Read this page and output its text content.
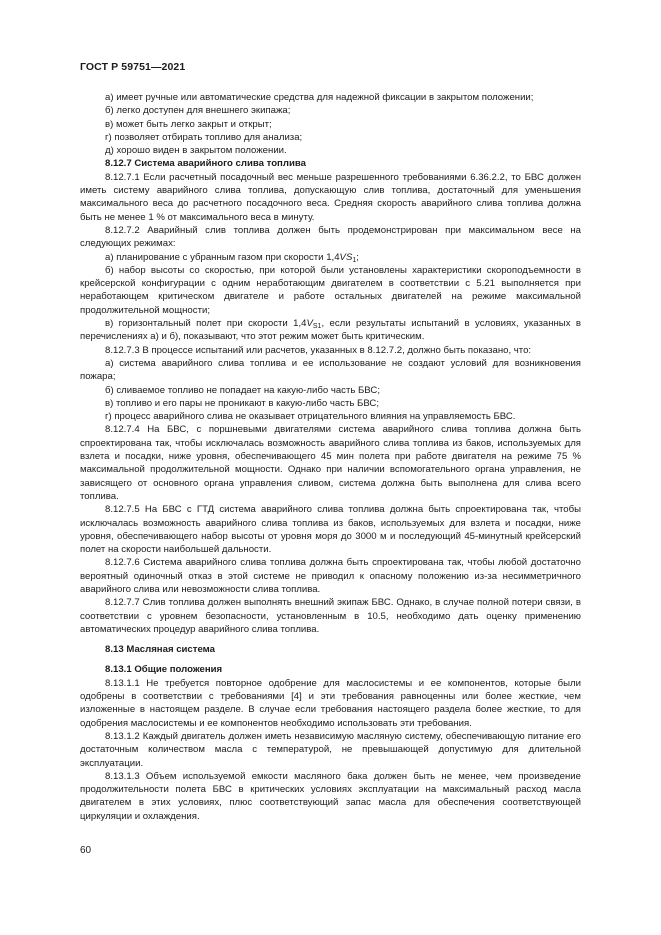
ГОСТ Р 59751—2021

а) имеет ручные или автоматические средства для надежной фиксации в закрытом положении;

б) легко доступен для внешнего экипажа;

в) может быть легко закрыт и открыт;

г) позволяет отбирать топливо для анализа;

д) хорошо виден в закрытом положении.

8.12.7 Система аварийного слива топлива

8.12.7.1 Если расчетный посадочный вес меньше разрешенного требованиями 6.36.2.2, то БВС должен иметь систему аварийного слива топлива, допускающую слив топлива, достаточный для уменьшения максимального веса до расчетного посадочного веса. Средняя скорость аварийного слива топлива должна быть не менее 1 % от максимального веса в минуту.

8.12.7.2 Аварийный слив топлива должен быть продемонстрирован при максимальном весе на следующих режимах:

а) планирование с убранным газом при скорости $1,4VS_1$;

б) набор высоты со скоростью, при которой были установлены характеристики скороподъемности в крейсерской конфигурации с одним неработающим двигателем в соответствии с 5.21 выполняется при неработающем критическом двигателе и работе остальных двигателей на режиме максимальной продолжительной мощности;

в) горизонтальный полет при скорости $1,4V_{S1}$, если результаты испытаний в условиях, указанных в перечислениях а) и б), показывают, что этот режим может быть критическим.

8.12.7.3 В процессе испытаний или расчетов, указанных в 8.12.7.2, должно быть показано, что:

а) система аварийного слива топлива и ее использование не создают условий для возникновения пожара;

б) сливаемое топливо не попадает на какую-либо часть БВС;

в) топливо и его пары не проникают в какую-либо часть БВС;

г) процесс аварийного слива не оказывает отрицательного влияния на управляемость БВС.

8.12.7.4 На БВС, с поршневыми двигателями система аварийного слива топлива должна быть спроектирована так, чтобы исключалась возможность аварийного слива топлива из баков, используемых для взлета и посадки, ниже уровня, обеспечивающего 45 мин полета при работе двигателя на режиме 75 % максимальной продолжительной мощности. Однако при наличии вспомогательного органа управления, не зависящего от основного органа управления сливом, система должна быть выполнена для слива всего топлива.

8.12.7.5 На БВС с ГТД система аварийного слива топлива должна быть спроектирована так, чтобы исключалась возможность аварийного слива топлива из баков, используемых для взлета и посадки, ниже уровня, обеспечивающего набор высоты от уровня моря до 3000 м и последующий 45-минутный крейсерский полет на скорости наибольшей дальности.

8.12.7.6 Система аварийного слива топлива должна быть спроектирована так, чтобы любой достаточно вероятный одиночный отказ в этой системе не приводил к опасному положению из-за несимметричного аварийного слива или невозможности слива топлива.

8.12.7.7 Слив топлива должен выполнять внешний экипаж БВС. Однако, в случае полной потери связи, в соответствии с уровнем безопасности, установленным в 10.5, необходимо дать оценку применению автоматических процедур аварийного слива топлива.

8.13 Масляная система

8.13.1 Общие положения

8.13.1.1 Не требуется повторное одобрение для маслосистемы и ее компонентов, которые были одобрены в соответствии с требованиями [4] и эти требования равноценны или более жесткие, чем изложенные в настоящем разделе. В случае если требования настоящего раздела более жесткие, то для одобрения маслосистемы и ее компонентов необходимо использовать эти требования.

8.13.1.2 Каждый двигатель должен иметь независимую масляную систему, обеспечивающую питание его достаточным количеством масла с температурой, не превышающей допустимую для длительной эксплуатации.

8.13.1.3 Объем используемой емкости масляного бака должен быть не менее, чем произведение продолжительности полета БВС в критических условиях эксплуатации на максимальный расход масла двигателем в этих условиях, плюс соответствующий запас масла для обеспечения соответствующей циркуляции и охлаждения.

60
